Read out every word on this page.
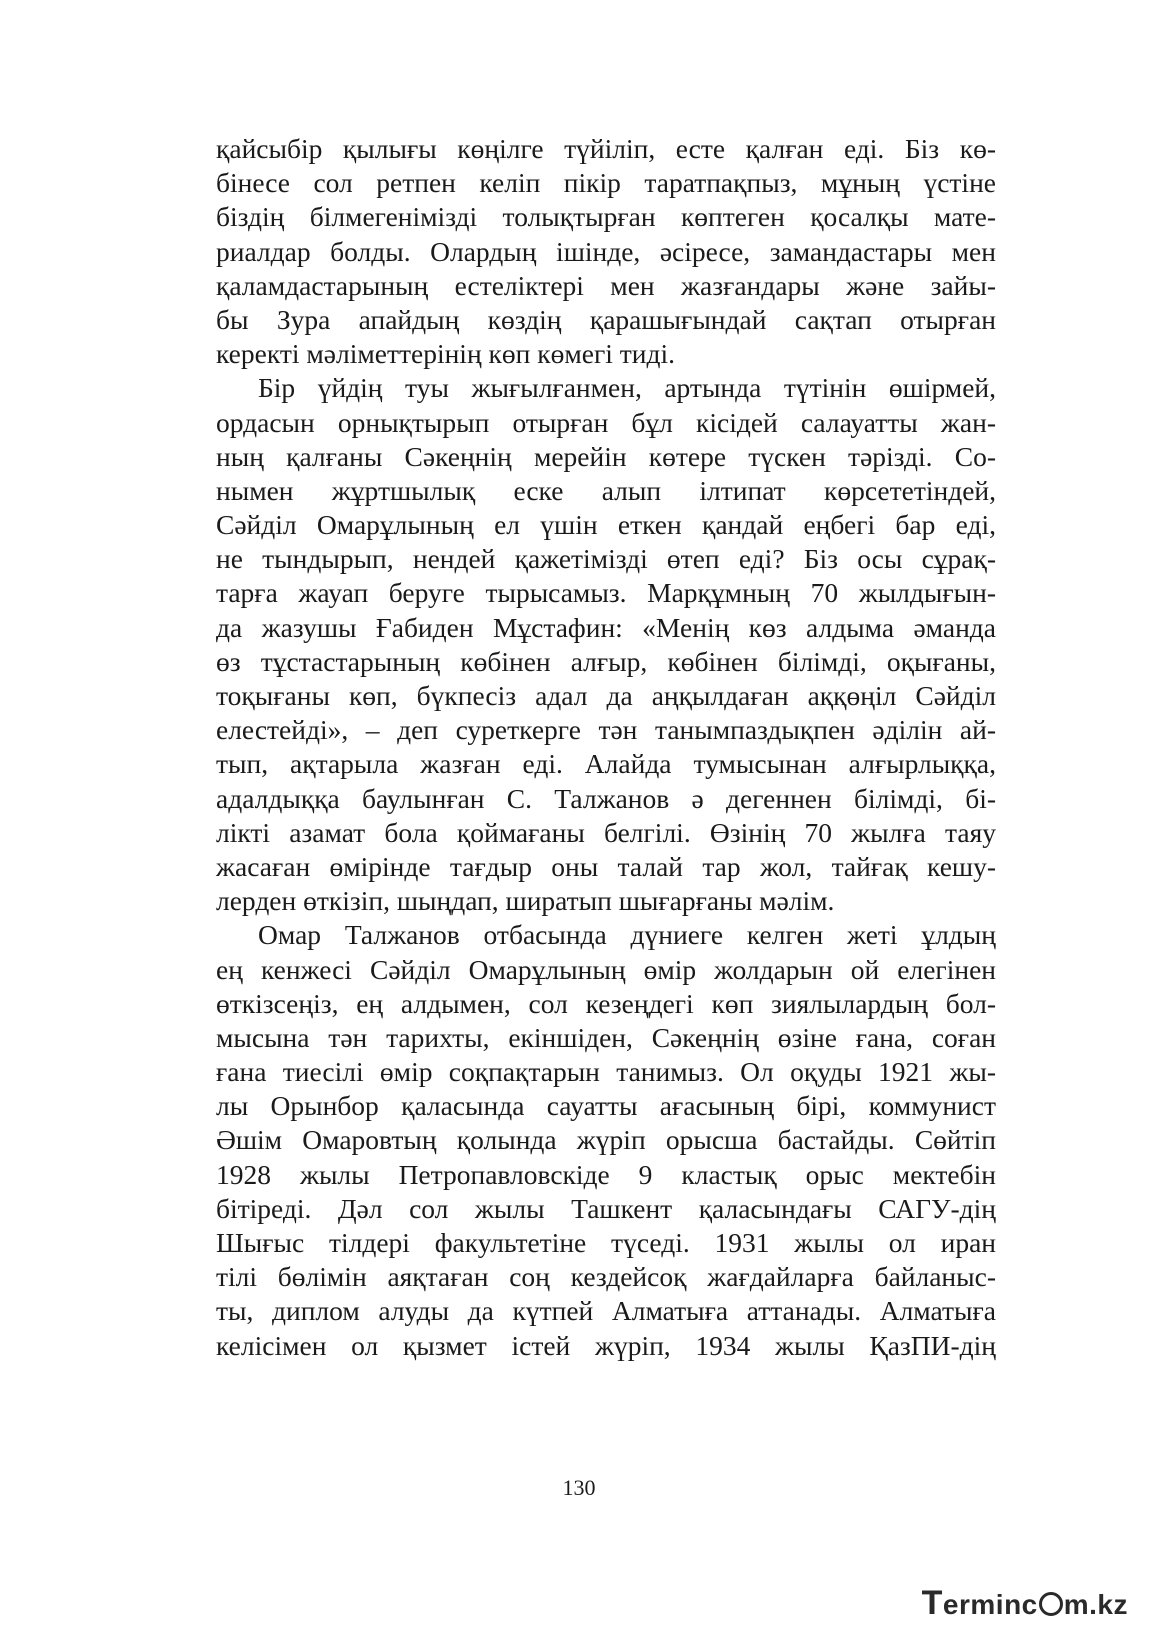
қайсыбір қылығы көңілге түйіліп, есте қалған еді. Біз кө-
бінесе сол ретпен келіп пікір таратпақпыз, мұның үстіне
біздің білмегенімізді толықтырған көптеген қосалқы мате-
риалдар болды. Олардың ішінде, әсіресе, замандастары мен
қаламдастарының естеліктері мен жазғандары және зайы-
бы Зура апайдың көздің қарашығындай сақтап отырған
керекті мәліметтерінің көп көмегі тиді.
Бір үйдің туы жығылғанмен, артында түтінін өшірмей,
ордасын орнықтырып отырған бұл кісідей салауатты жан-
ның қалғаны Сәкеңнің мерейін көтере түскен тәрізді. Со-
нымен жұртшылық еске алып ілтипат көрсететіндей,
Сәйділ Омарұлының ел үшін еткен қандай еңбегі бар еді,
не тындырып, нендей қажетімізді өтеп еді? Біз осы сұрақ-
тарға жауап беруге тырысамыз. Марқұмның 70 жылдығын-
да жазушы Ғабиден Мұстафин: «Менің көз алдыма әманда
өз тұстастарының көбінен алғыр, көбінен білімді, оқығаны,
тоқығаны көп, бүкпесіз адал да аңқылдаған аққөңіл Сәйділ
елестейді», – деп суреткерге тән танымпаздықпен әділін ай-
тып, ақтарыла жазған еді. Алайда тумысынан алғырлыққа,
адалдыққа баулынған С. Талжанов ә дегеннен білімді, бі-
лікті азамат бола қоймағаны белгілі. Өзінің 70 жылға таяу
жасаған өмірінде тағдыр оны талай тар жол, тайғақ кешу-
лерден өткізіп, шыңдап, ширатып шығарғаны мәлім.
Омар Талжанов отбасында дүниеге келген жеті ұлдың
ең кенжесі Сәйділ Омарұлының өмір жолдарын ой елегінен
өткізсеңіз, ең алдымен, сол кезеңдегі көп зиялылардың бол-
мысына тән тарихты, екіншіден, Сәкеңнің өзіне ғана, соған
ғана тиесілі өмір соқпақтарын танимыз. Ол оқуды 1921 жы-
лы Орынбор қаласында сауатты ағасының бірі, коммунист
Әшім Омаровтың қолында жүріп орысша бастайды. Сөйтіп
1928 жылы Петропавловскіде 9 кластық орыс мектебін
бітіреді. Дәл сол жылы Ташкент қаласындағы САГУ-дің
Шығыс тілдері факультетіне түседі. 1931 жылы ол иран
тілі бөлімін аяқтаған соң кездейсоқ жағдайларға байланыс-
ты, диплом алуды да күтпей Алматыға аттанады. Алматыға
келісімен ол қызмет істей жүріп, 1934 жылы ҚазПИ-дің
130
Terminc m.kz
